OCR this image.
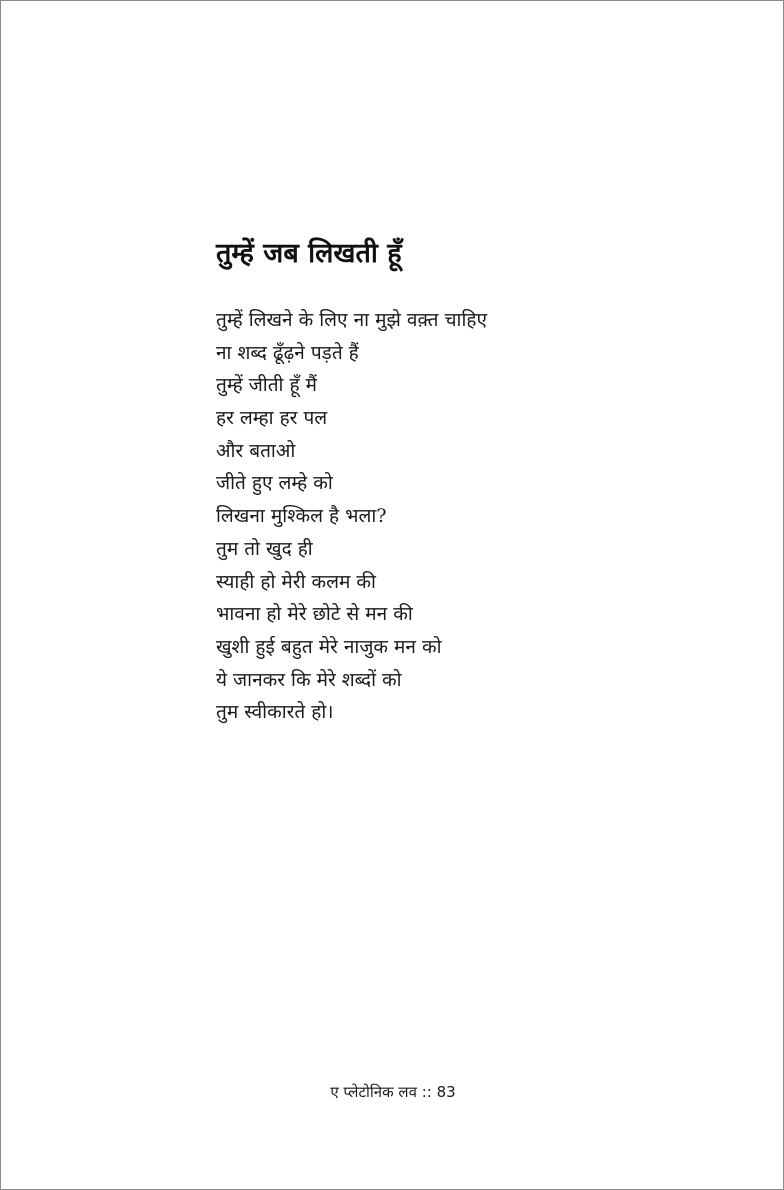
तुम्हें जब लिखती हूँ
तुम्हें लिखने के लिए ना मुझे वक़्त चाहिए
ना शब्द ढूँढ़ने पड़ते हैं
तुम्हें जीती हूँ मैं
हर लम्हा हर पल
और बताओ
जीते हुए लम्हे को
लिखना मुश्किल है भला?
तुम तो खुद ही
स्याही हो मेरी कलम की
भावना हो मेरे छोटे से मन की
खुशी हुई बहुत मेरे नाजुक मन को
ये जानकर कि मेरे शब्दों को
तुम स्वीकारते हो।
ए प्लेटोनिक लव :: 83
